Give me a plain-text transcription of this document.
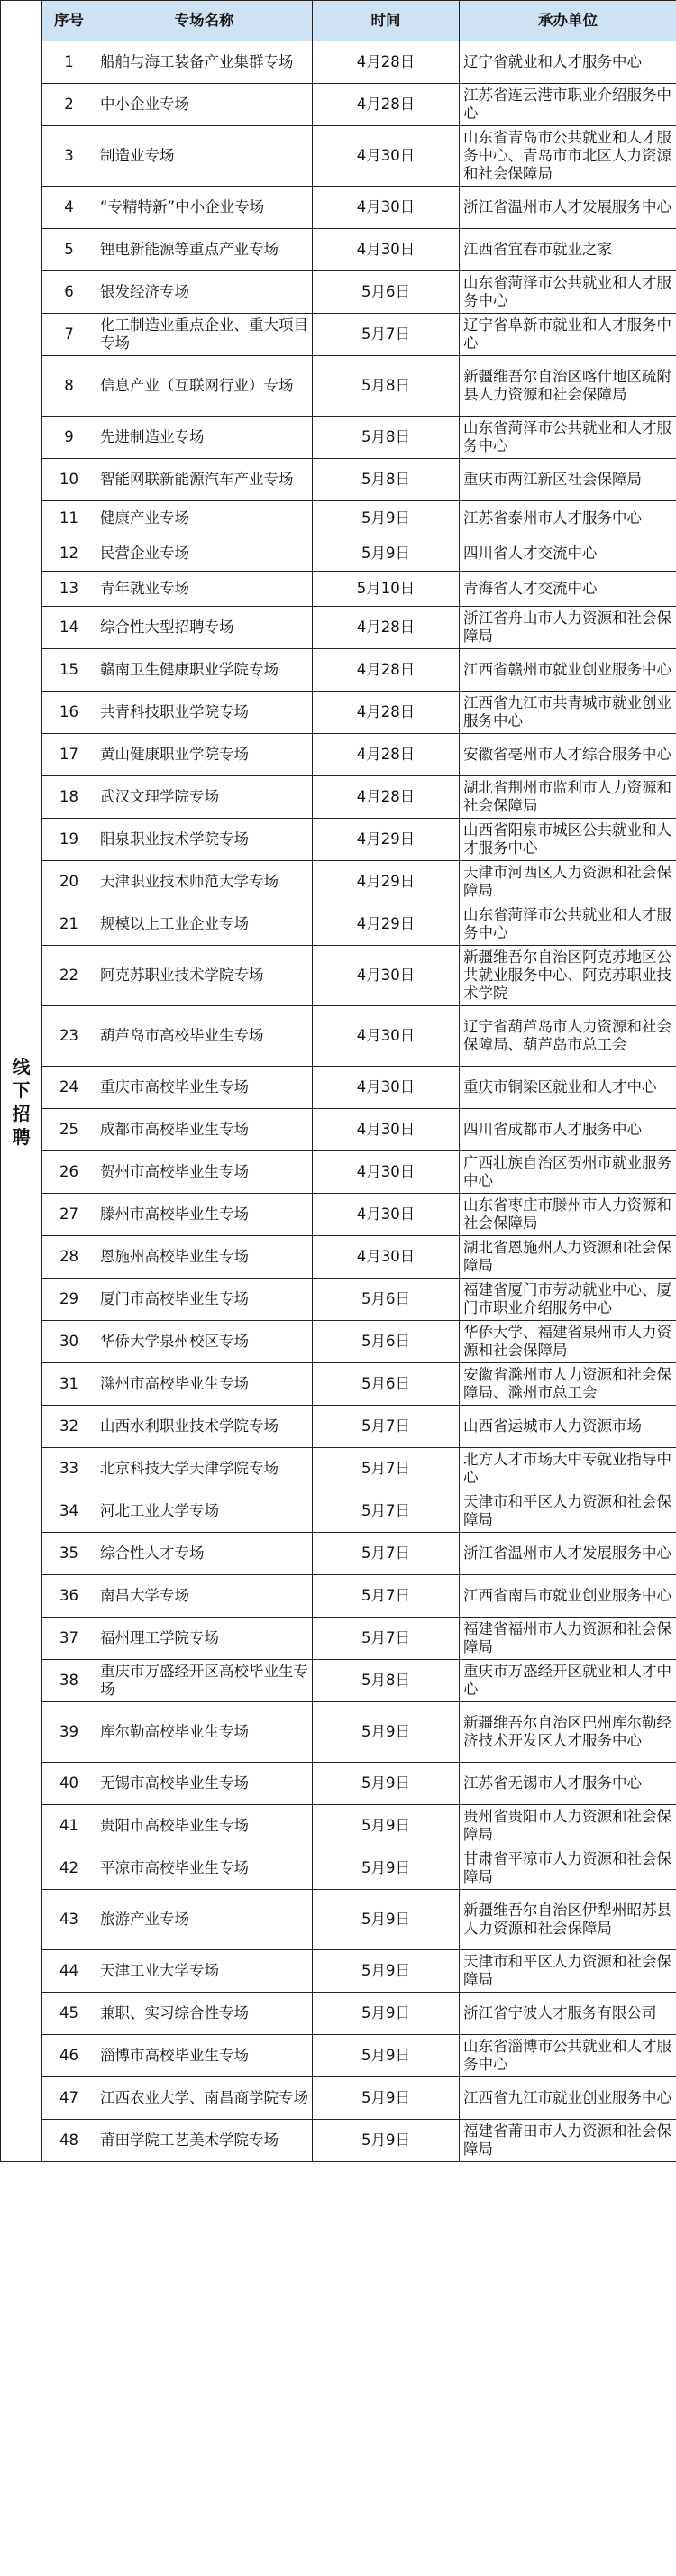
	序号	专场名称	时间	承办单位
线下招聘	1	船舶与海工装备产业集群专场	4月28日	辽宁省就业和人才服务中心
	2	中小企业专场	4月28日	江苏省连云港市职业介绍服务中心
	3	制造业专场	4月30日	山东省青岛市公共就业和人才服务中心、青岛市市北区人力资源和社会保障局
	4	“专精特新”中小企业专场	4月30日	浙江省温州市人才发展服务中心
	5	锂电新能源等重点产业专场	4月30日	江西省宜春市就业之家
	6	银发经济专场	5月6日	山东省菏泽市公共就业和人才服务中心
	7	化工制造业重点企业、重大项目专场	5月7日	辽宁省阜新市就业和人才服务中心
	8	信息产业（互联网行业）专场	5月8日	新疆维吾尔自治区喀什地区疏附县人力资源和社会保障局
	9	先进制造业专场	5月8日	山东省菏泽市公共就业和人才服务中心
	10	智能网联新能源汽车产业专场	5月8日	重庆市两江新区社会保障局
	11	健康产业专场	5月9日	江苏省泰州市人才服务中心
	12	民营企业专场	5月9日	四川省人才交流中心
	13	青年就业专场	5月10日	青海省人才交流中心
	14	综合性大型招聘专场	4月28日	浙江省舟山市人力资源和社会保障局
	15	赣南卫生健康职业学院专场	4月28日	江西省赣州市就业创业服务中心
	16	共青科技职业学院专场	4月28日	江西省九江市共青城市就业创业服务中心
	17	黄山健康职业学院专场	4月28日	安徽省亳州市人才综合服务中心
	18	武汉文理学院专场	4月28日	湖北省荆州市监利市人力资源和社会保障局
	19	阳泉职业技术学院专场	4月29日	山西省阳泉市城区公共就业和人才服务中心
	20	天津职业技术师范大学专场	4月29日	天津市河西区人力资源和社会保障局
	21	规模以上工业企业专场	4月29日	山东省菏泽市公共就业和人才服务中心
	22	阿克苏职业技术学院专场	4月30日	新疆维吾尔自治区阿克苏地区公共就业服务中心、阿克苏职业技术学院
	23	葫芦岛市高校毕业生专场	4月30日	辽宁省葫芦岛市人力资源和社会保障局、葫芦岛市总工会
	24	重庆市高校毕业生专场	4月30日	重庆市铜梁区就业和人才中心
	25	成都市高校毕业生专场	4月30日	四川省成都市人才服务中心
	26	贺州市高校毕业生专场	4月30日	广西壮族自治区贺州市就业服务中心
	27	滕州市高校毕业生专场	4月30日	山东省枣庄市滕州市人力资源和社会保障局
	28	恩施州高校毕业生专场	4月30日	湖北省恩施州人力资源和社会保障局
	29	厦门市高校毕业生专场	5月6日	福建省厦门市劳动就业中心、厦门市职业介绍服务中心
	30	华侨大学泉州校区专场	5月6日	华侨大学、福建省泉州市人力资源和社会保障局
	31	滁州市高校毕业生专场	5月6日	安徽省滁州市人力资源和社会保障局、滁州市总工会
	32	山西水利职业技术学院专场	5月7日	山西省运城市人力资源市场
	33	北京科技大学天津学院专场	5月7日	北方人才市场大中专就业指导中心
	34	河北工业大学专场	5月7日	天津市和平区人力资源和社会保障局
	35	综合性人才专场	5月7日	浙江省温州市人才发展服务中心
	36	南昌大学专场	5月7日	江西省南昌市就业创业服务中心
	37	福州理工学院专场	5月7日	福建省福州市人力资源和社会保障局
	38	重庆市万盛经开区高校毕业生专场	5月8日	重庆市万盛经开区就业和人才中心
	39	库尔勒高校毕业生专场	5月9日	新疆维吾尔自治区巴州库尔勒经济技术开发区人才服务中心
	40	无锡市高校毕业生专场	5月9日	江苏省无锡市人才服务中心
	41	贵阳市高校毕业生专场	5月9日	贵州省贵阳市人力资源和社会保障局
	42	平凉市高校毕业生专场	5月9日	甘肃省平凉市人力资源和社会保障局
	43	旅游产业专场	5月9日	新疆维吾尔自治区伊犁州昭苏县人力资源和社会保障局
	44	天津工业大学专场	5月9日	天津市和平区人力资源和社会保障局
	45	兼职、实习综合性专场	5月9日	浙江省宁波人才服务有限公司
	46	淄博市高校毕业生专场	5月9日	山东省淄博市公共就业和人才服务中心
	47	江西农业大学、南昌商学院专场	5月9日	江西省九江市就业创业服务中心
	48	莆田学院工艺美术学院专场	5月9日	福建省莆田市人力资源和社会保障局
